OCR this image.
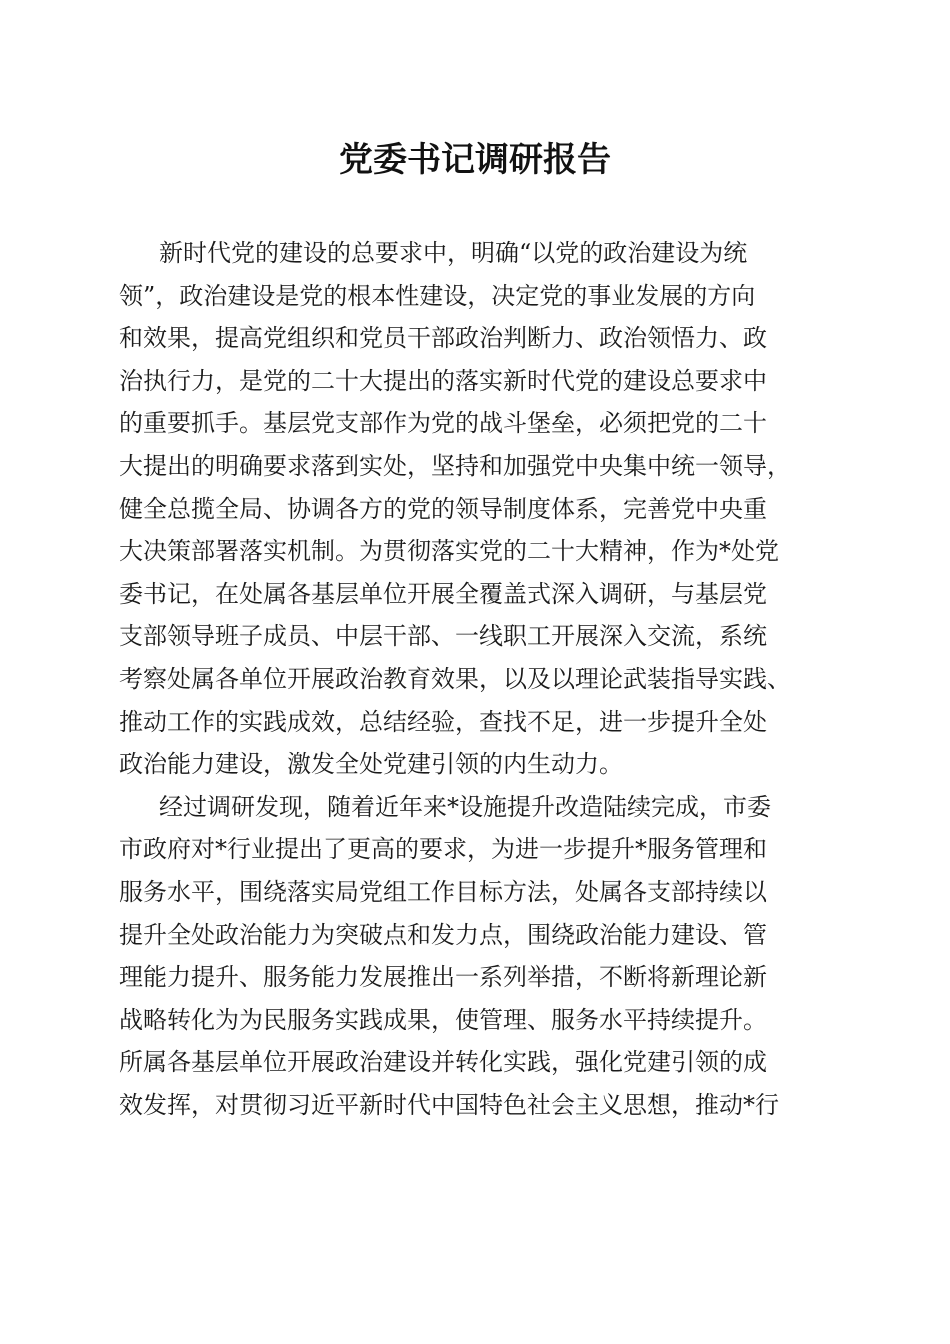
党委书记调研报告
新时代党的建设的总要求中，明确“以党的政治建设为统
领”，政治建设是党的根本性建设，决定党的事业发展的方向
和效果，提高党组织和党员干部政治判断力、政治领悟力、政
治执行力，是党的二十大提出的落实新时代党的建设总要求中
的重要抓手。基层党支部作为党的战斗堡垒，必须把党的二十
大提出的明确要求落到实处，坚持和加强党中央集中统一领导，
健全总揽全局、协调各方的党的领导制度体系，完善党中央重
大决策部署落实机制。为贯彻落实党的二十大精神，作为*处党
委书记，在处属各基层单位开展全覆盖式深入调研，与基层党
支部领导班子成员、中层干部、一线职工开展深入交流，系统
考察处属各单位开展政治教育效果，以及以理论武装指导实践、
推动工作的实践成效，总结经验，查找不足，进一步提升全处
政治能力建设，激发全处党建引领的内生动力。
经过调研发现，随着近年来*设施提升改造陆续完成，市委
市政府对*行业提出了更高的要求，为进一步提升*服务管理和
服务水平，围绕落实局党组工作目标方法，处属各支部持续以
提升全处政治能力为突破点和发力点，围绕政治能力建设、管
理能力提升、服务能力发展推出一系列举措，不断将新理论新
战略转化为为民服务实践成果，使管理、服务水平持续提升。
所属各基层单位开展政治建设并转化实践，强化党建引领的成
效发挥，对贯彻习近平新时代中国特色社会主义思想，推动*行
